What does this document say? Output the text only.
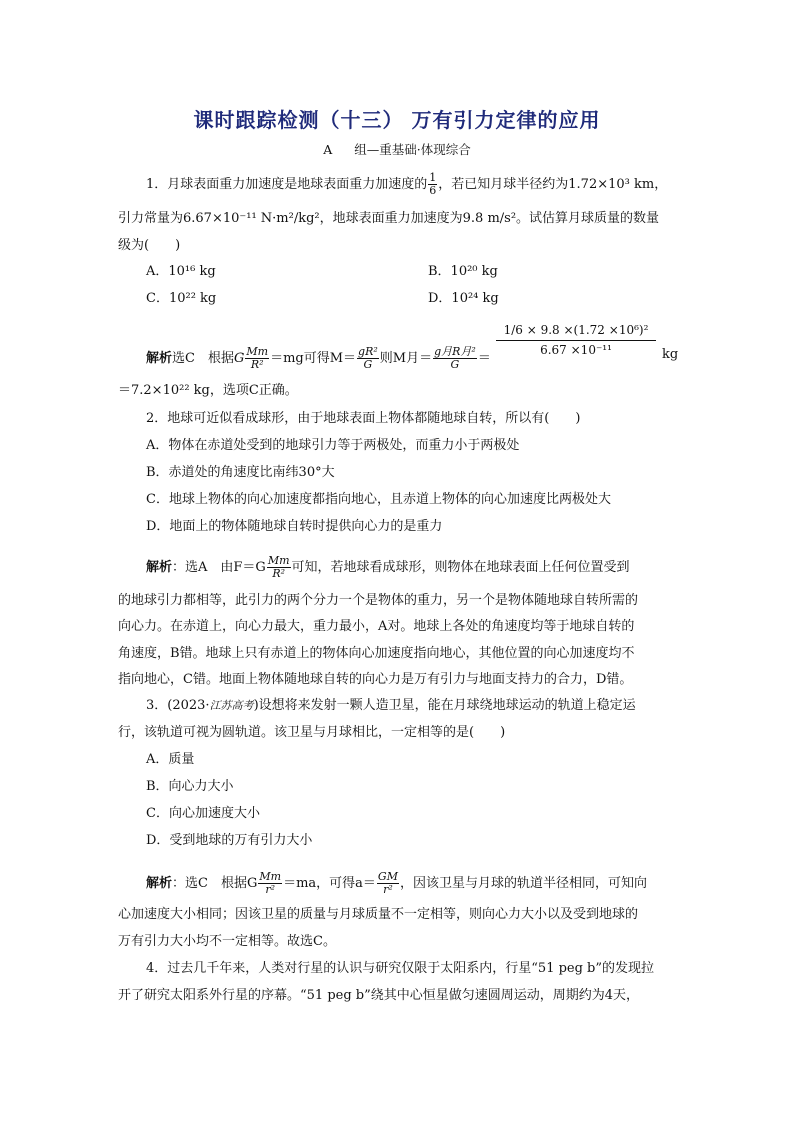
课时跟踪检测（十三） 万有引力定律的应用
A 组—重基础·体现综合
1．月球表面重力加速度是地球表面重力加速度的 $\frac{1}{6}$ ，若已知月球半径约为1.72×10³ km，
引力常量为6.67×10⁻¹¹ N·m²/kg²，地球表面重力加速度为9.8 m/s²。试估算月球质量的数量
级为(　　)
A．10¹⁶ kg	B．10²⁰ kg
C．10²² kg	D．10²⁴ kg
解析选C　根据G $\frac{Mm}{\text{R²}} =mg$可得$M= \frac{\text{gR²}}{G}$ 则M月＝ $\frac{\text{g月R月²}}{G} = \frac{\text{1/6 × 9.8 ×(1.72 ×10⁶)²}}{\text{6.67 ×10⁻¹¹}}$ kg
＝7.2×10²² kg，选项C正确。
2．地球可近似看成球形，由于地球表面上物体都随地球自转，所以有(　　)
A．物体在赤道处受到的地球引力等于两极处，而重力小于两极处
B．赤道处的角速度比南纬30°大
C．地球上物体的向心加速度都指向地心，且赤道上物体的向心加速度比两极处大
D．地面上的物体随地球自转时提供向心力的是重力
解析：选A　由$F=G \frac{Mm}{\text{R²}}$ 可知，若地球看成球形，则物体在地球表面上任何位置受到
的地球引力都相等，此引力的两个分力一个是物体的重力，另一个是物体随地球自转所需的
向心力。在赤道上，向心力最大，重力最小，A对。地球上各处的角速度均等于地球自转的
角速度，B错。地球上只有赤道上的物体向心加速度指向地心，其他位置的向心加速度均不
指向地心，C错。地面上物体随地球自转的向心力是万有引力与地面支持力的合力，D错。
3．(2023·江苏高考)设想将来发射一颗人造卫星，能在月球绕地球运动的轨道上稳定运
行，该轨道可视为圆轨道。该卫星与月球相比，一定相等的是(　　)
A．质量
B．向心力大小
C．向心加速度大小
D．受到地球的万有引力大小
解析：选C　根据G $\frac{Mm}{\text{r²}} =ma$，可得$a= \frac{GM}{\text{r²}}$ ，因该卫星与月球的轨道半径相同，可知向
心加速度大小相同；因该卫星的质量与月球质量不一定相等，则向心力大小以及受到地球的
万有引力大小均不一定相等。故选C。
4．过去几千年来，人类对行星的认识与研究仅限于太阳系内，行星“51 peg b”的发现拉
开了研究太阳系外行星的序幕。“51 peg b”绕其中心恒星做匀速圆周运动，周期约为4天，
